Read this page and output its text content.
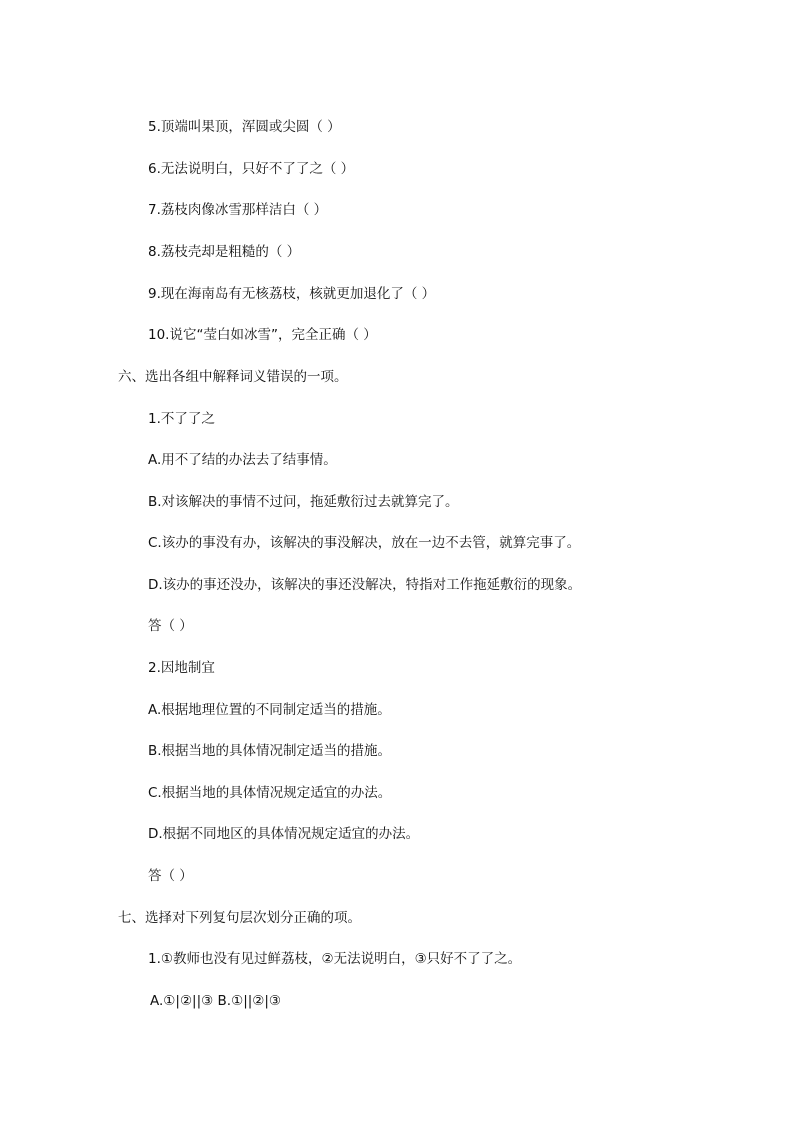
5.顶端叫果顶，浑圆或尖圆（ ）
6.无法说明白，只好不了了之（ ）
7.荔枝肉像冰雪那样洁白（ ）
8.荔枝壳却是粗糙的（ ）
9.现在海南岛有无核荔枝，核就更加退化了（ ）
10.说它“莹白如冰雪”，完全正确（ ）
六、选出各组中解释词义错误的一项。
1.不了了之
A.用不了结的办法去了结事情。
B.对该解决的事情不过问，拖延敷衍过去就算完了。
C.该办的事没有办，该解决的事没解决，放在一边不去管，就算完事了。
D.该办的事还没办，该解决的事还没解决，特指对工作拖延敷衍的现象。
答（ ）
2.因地制宜
A.根据地理位置的不同制定适当的措施。
B.根据当地的具体情况制定适当的措施。
C.根据当地的具体情况规定适宜的办法。
D.根据不同地区的具体情况规定适宜的办法。
答（ ）
七、选择对下列复句层次划分正确的项。
1.①教师也没有见过鲜荔枝，②无法说明白，③只好不了了之。
A.①|②||③ B.①||②|③
